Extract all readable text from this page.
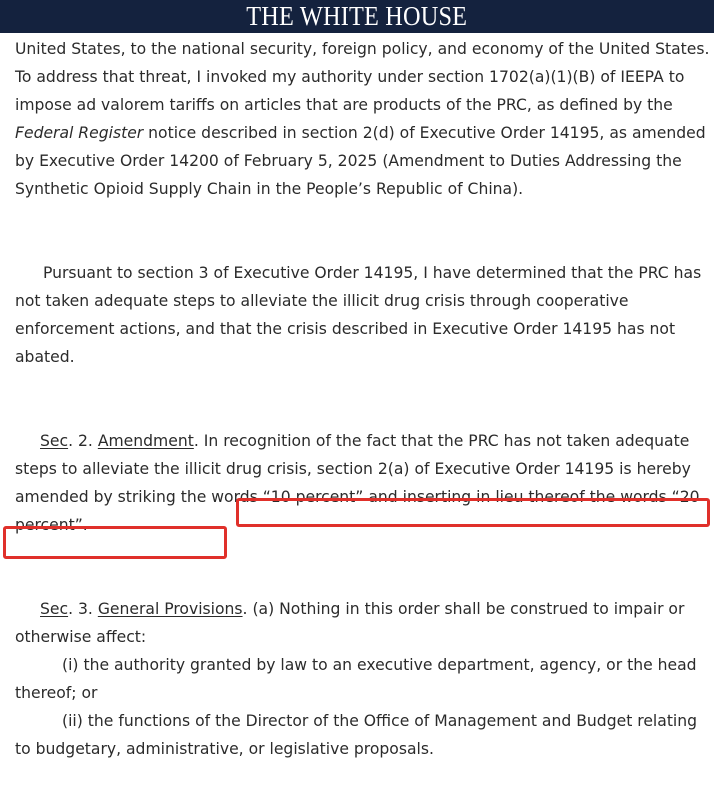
THE WHITE HOUSE

United States, to the national security, foreign policy, and economy of the United States. To address that threat, I invoked my authority under section 1702(a)(1)(B) of IEEPA to impose ad valorem tariffs on articles that are products of the PRC, as defined by the Federal Register notice described in section 2(d) of Executive Order 14195, as amended by Executive Order 14200 of February 5, 2025 (Amendment to Duties Addressing the Synthetic Opioid Supply Chain in the People’s Republic of China).

Pursuant to section 3 of Executive Order 14195, I have determined that the PRC has not taken adequate steps to alleviate the illicit drug crisis through cooperative enforcement actions, and that the crisis described in Executive Order 14195 has not abated.

Sec. 2. Amendment. In recognition of the fact that the PRC has not taken adequate steps to alleviate the illicit drug crisis, section 2(a) of Executive Order 14195 is hereby amended by striking the words “10 percent” and inserting in lieu thereof the words “20 percent”.

Sec. 3. General Provisions. (a) Nothing in this order shall be construed to impair or otherwise affect:

(i) the authority granted by law to an executive department, agency, or the head thereof; or

(ii) the functions of the Director of the Office of Management and Budget relating to budgetary, administrative, or legislative proposals.
